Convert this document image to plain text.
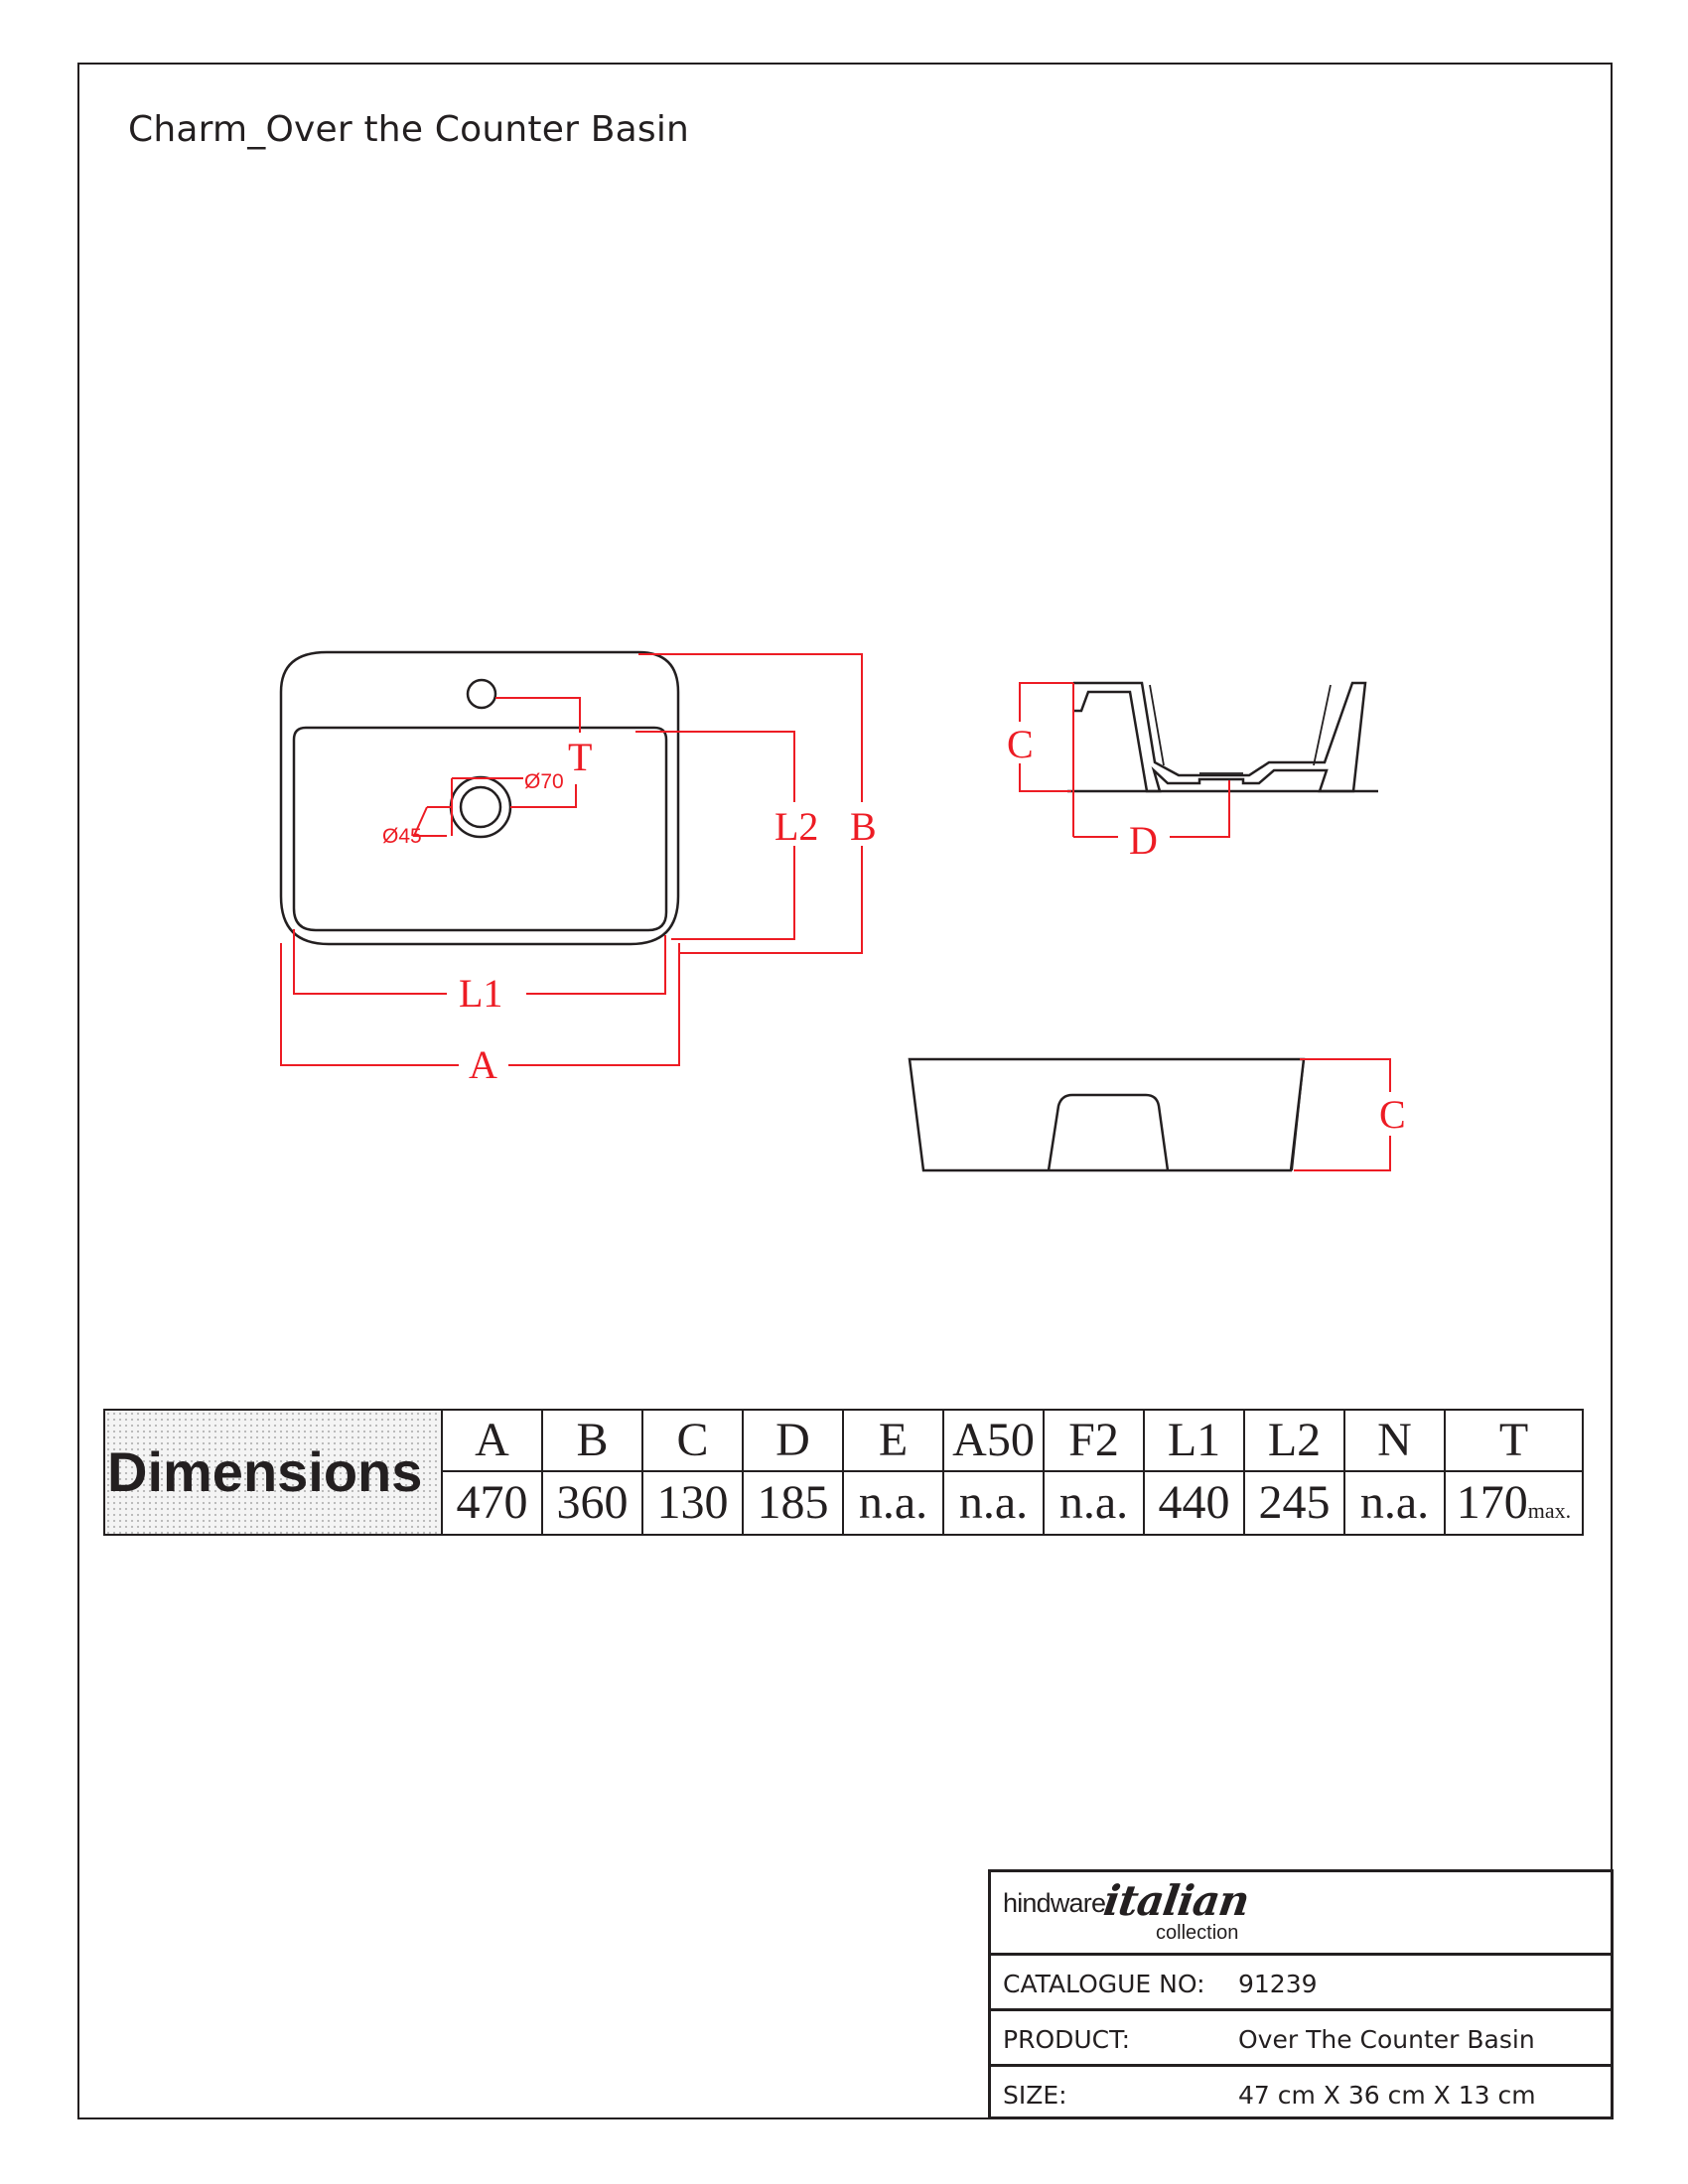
Charm_Over the Counter Basin
T
L2 B
L1
A
Ø70
Ø45
C
D
C
Dimensions	A	B	C	D	E	A50	F2	L1	L2	N	T
	470	360	130	185	n.a.	n.a.	n.a.	440	245	n.a.	170max.
hindware
italian
collection
CATALOGUE NO: 91239
PRODUCT:	Over The Counter Basin
SIZE:	47 cm X 36 cm X 13 cm
